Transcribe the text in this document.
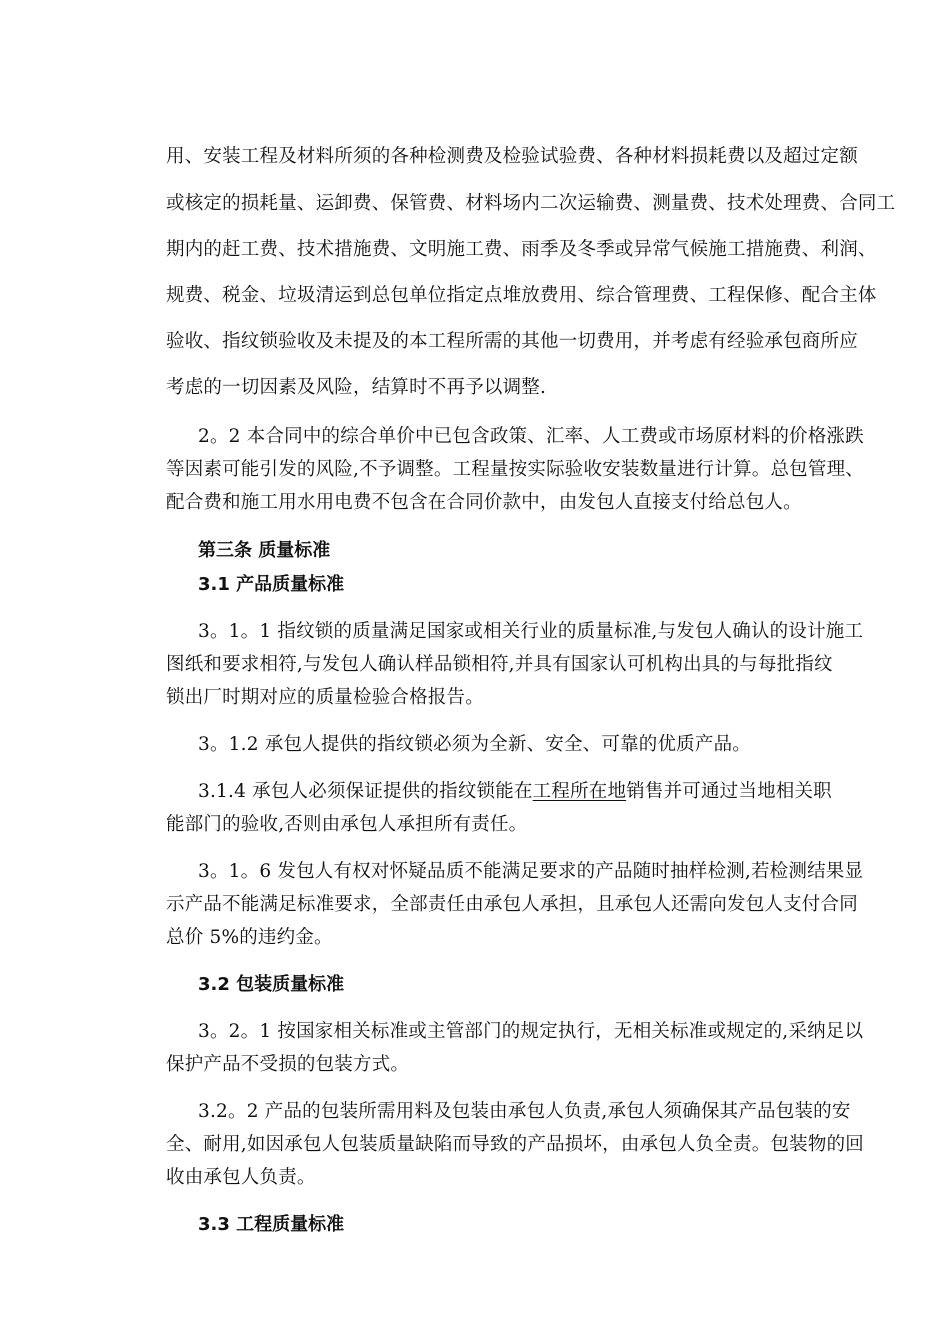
用、安装工程及材料所须的各种检测费及检验试验费、各种材料损耗费以及超过定额
或核定的损耗量、运卸费、保管费、材料场内二次运输费、测量费、技术处理费、合同工
期内的赶工费、技术措施费、文明施工费、雨季及冬季或异常气候施工措施费、利润、
规费、税金、垃圾清运到总包单位指定点堆放费用、综合管理费、工程保修、配合主体
验收、指纹锁验收及未提及的本工程所需的其他一切费用，并考虑有经验承包商所应
考虑的一切因素及风险，结算时不再予以调整.
2。2 本合同中的综合单价中已包含政策、汇率、人工费或市场原材料的价格涨跌
等因素可能引发的风险,不予调整。工程量按实际验收安装数量进行计算。总包管理、
配合费和施工用水用电费不包含在合同价款中，由发包人直接支付给总包人。
第三条 质量标准
3.1 产品质量标准
3。1。1 指纹锁的质量满足国家或相关行业的质量标准,与发包人确认的设计施工
图纸和要求相符,与发包人确认样品锁相符,并具有国家认可机构出具的与每批指纹
锁出厂时期对应的质量检验合格报告。
3。1.2 承包人提供的指纹锁必须为全新、安全、可靠的优质产品。
3.1.4 承包人必须保证提供的指纹锁能在工程所在地销售并可通过当地相关职
能部门的验收,否则由承包人承担所有责任。
3。1。6 发包人有权对怀疑品质不能满足要求的产品随时抽样检测,若检测结果显
示产品不能满足标准要求，全部责任由承包人承担，且承包人还需向发包人支付合同
总价 5%的违约金。
3.2 包装质量标准
3。2。1 按国家相关标准或主管部门的规定执行，无相关标准或规定的,采纳足以
保护产品不受损的包装方式。
3.2。2 产品的包装所需用料及包装由承包人负责,承包人须确保其产品包装的安
全、耐用,如因承包人包装质量缺陷而导致的产品损坏，由承包人负全责。包装物的回
收由承包人负责。
3.3 工程质量标准
